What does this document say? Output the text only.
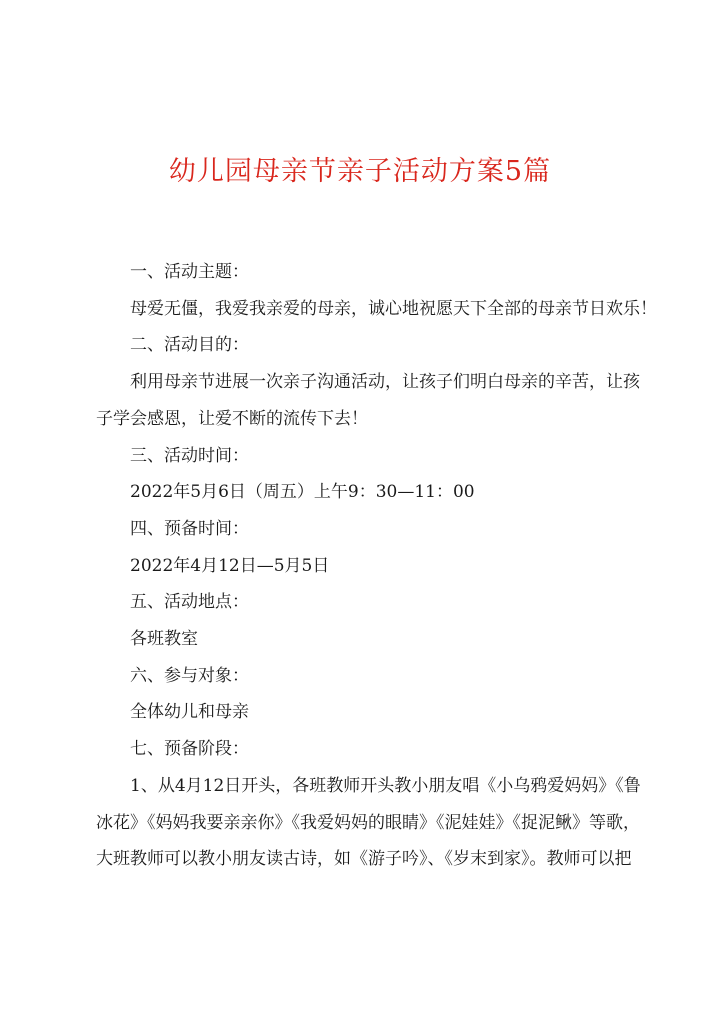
幼儿园母亲节亲子活动方案5篇
一、活动主题：
母爱无僵，我爱我亲爱的母亲，诚心地祝愿天下全部的母亲节日欢乐！
二、活动目的：
利用母亲节进展一次亲子沟通活动，让孩子们明白母亲的辛苦，让孩
子学会感恩，让爱不断的流传下去！
三、活动时间：
2022年5月6日（周五）上午9：30—11：00
四、预备时间：
2022年4月12日—5月5日
五、活动地点：
各班教室
六、参与对象：
全体幼儿和母亲
七、预备阶段：
1、从4月12日开头，各班教师开头教小朋友唱《小乌鸦爱妈妈》《鲁
冰花》《妈妈我要亲亲你》《我爱妈妈的眼睛》《泥娃娃》《捉泥鳅》等歌，
大班教师可以教小朋友读古诗，如《游子吟》、《岁末到家》。教师可以把
